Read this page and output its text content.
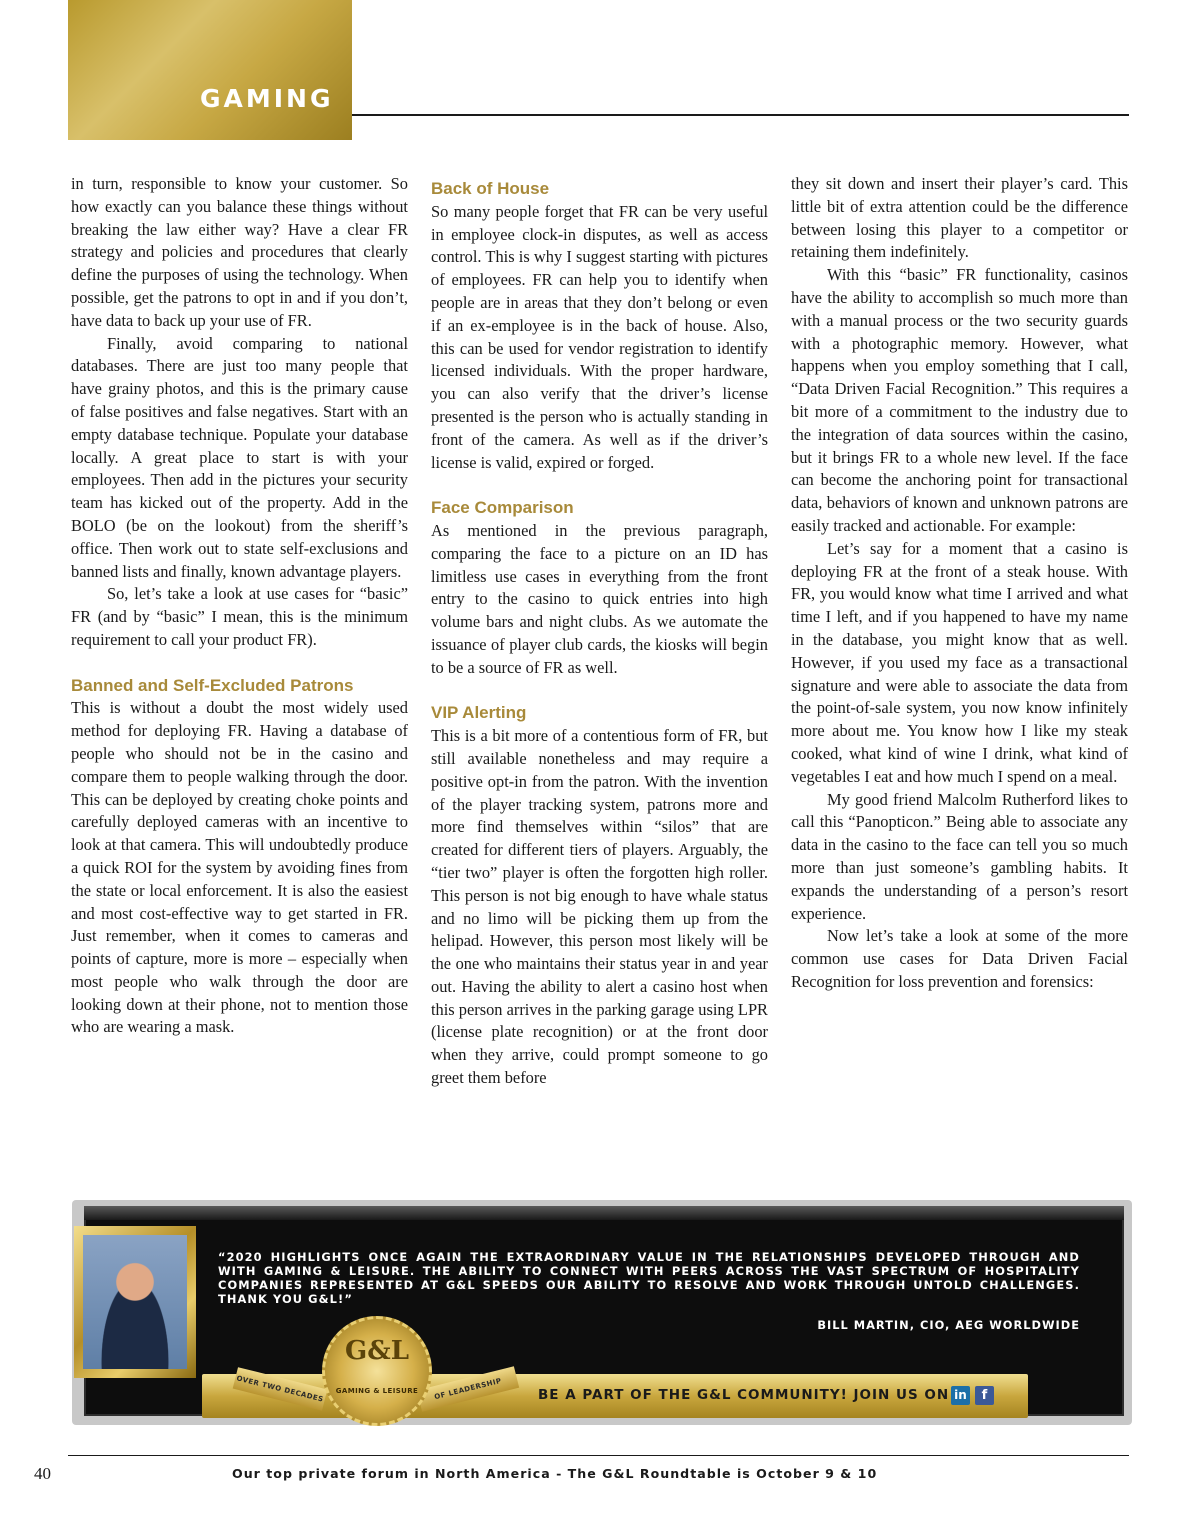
GAMING

in turn, responsible to know your customer. So how exactly can you balance these things without breaking the law either way? Have a clear FR strategy and policies and procedures that clearly define the purposes of using the technology. When possible, get the patrons to opt in and if you don’t, have data to back up your use of FR.

Finally, avoid comparing to national databases. There are just too many people that have grainy photos, and this is the primary cause of false positives and false negatives. Start with an empty database technique. Populate your database locally. A great place to start is with your employees. Then add in the pictures your security team has kicked out of the property. Add in the BOLO (be on the lookout) from the sheriff’s office. Then work out to state self-exclusions and banned lists and finally, known advantage players.

So, let’s take a look at use cases for “basic” FR (and by “basic” I mean, this is the minimum requirement to call your product FR).

Banned and Self-Excluded Patrons

This is without a doubt the most widely used method for deploying FR. Having a database of people who should not be in the casino and compare them to people walking through the door. This can be deployed by creating choke points and carefully deployed cameras with an incentive to look at that camera. This will undoubtedly produce a quick ROI for the system by avoiding fines from the state or local enforcement. It is also the easiest and most cost-effective way to get started in FR. Just remember, when it comes to cameras and points of capture, more is more – especially when most people who walk through the door are looking down at their phone, not to mention those who are wearing a mask.

Back of House

So many people forget that FR can be very useful in employee clock-in disputes, as well as access control. This is why I suggest starting with pictures of employees. FR can help you to identify when people are in areas that they don’t belong or even if an ex-employee is in the back of house. Also, this can be used for vendor registration to identify licensed individuals. With the proper hardware, you can also verify that the driver’s license presented is the person who is actually standing in front of the camera. As well as if the driver’s license is valid, expired or forged.

Face Comparison

As mentioned in the previous paragraph, comparing the face to a picture on an ID has limitless use cases in everything from the front entry to the casino to quick entries into high volume bars and night clubs. As we automate the issuance of player club cards, the kiosks will begin to be a source of FR as well.

VIP Alerting

This is a bit more of a contentious form of FR, but still available nonetheless and may require a positive opt-in from the patron. With the invention of the player tracking system, patrons more and more find themselves within “silos” that are created for different tiers of players. Arguably, the “tier two” player is often the forgotten high roller. This person is not big enough to have whale status and no limo will be picking them up from the helipad. However, this person most likely will be the one who maintains their status year in and year out. Having the ability to alert a casino host when this person arrives in the parking garage using LPR (license plate recognition) or at the front door when they arrive, could prompt someone to go greet them before

they sit down and insert their player’s card. This little bit of extra attention could be the difference between losing this player to a competitor or retaining them indefinitely.

With this “basic” FR functionality, casinos have the ability to accomplish so much more than with a manual process or the two security guards with a photographic memory. However, what happens when you employ something that I call, “Data Driven Facial Recognition.” This requires a bit more of a commitment to the industry due to the integration of data sources within the casino, but it brings FR to a whole new level. If the face can become the anchoring point for transactional data, behaviors of known and unknown patrons are easily tracked and actionable. For example:

Let’s say for a moment that a casino is deploying FR at the front of a steak house. With FR, you would know what time I arrived and what time I left, and if you happened to have my name in the database, you might know that as well. However, if you used my face as a transactional signature and were able to associate the data from the point-of-sale system, you now know infinitely more about me. You know how I like my steak cooked, what kind of wine I drink, what kind of vegetables I eat and how much I spend on a meal.

My good friend Malcolm Rutherford likes to call this “Panopticon.” Being able to associate any data in the casino to the face can tell you so much more than just someone’s gambling habits. It expands the understanding of a person’s resort experience.

Now let’s take a look at some of the more common use cases for Data Driven Facial Recognition for loss prevention and forensics:

“2020 HIGHLIGHTS ONCE AGAIN THE EXTRAORDINARY VALUE IN THE RELATIONSHIPS DEVELOPED THROUGH AND WITH GAMING & LEISURE. THE ABILITY TO CONNECT WITH PEERS ACROSS THE VAST SPECTRUM OF HOSPITALITY COMPANIES REPRESENTED AT G&L SPEEDS OUR ABILITY TO RESOLVE AND WORK THROUGH UNTOLD CHALLENGES. THANK YOU G&L!”
BILL MARTIN, CIO, AEG WORLDWIDE
OVER TWO DECADES	OF LEADERSHIP
G&L
GAMING & LEISURE	BE A PART OF THE G&L COMMUNITY! JOIN US ON in	f
40	Our top private forum in North America - The G&L Roundtable is October 9 & 10
